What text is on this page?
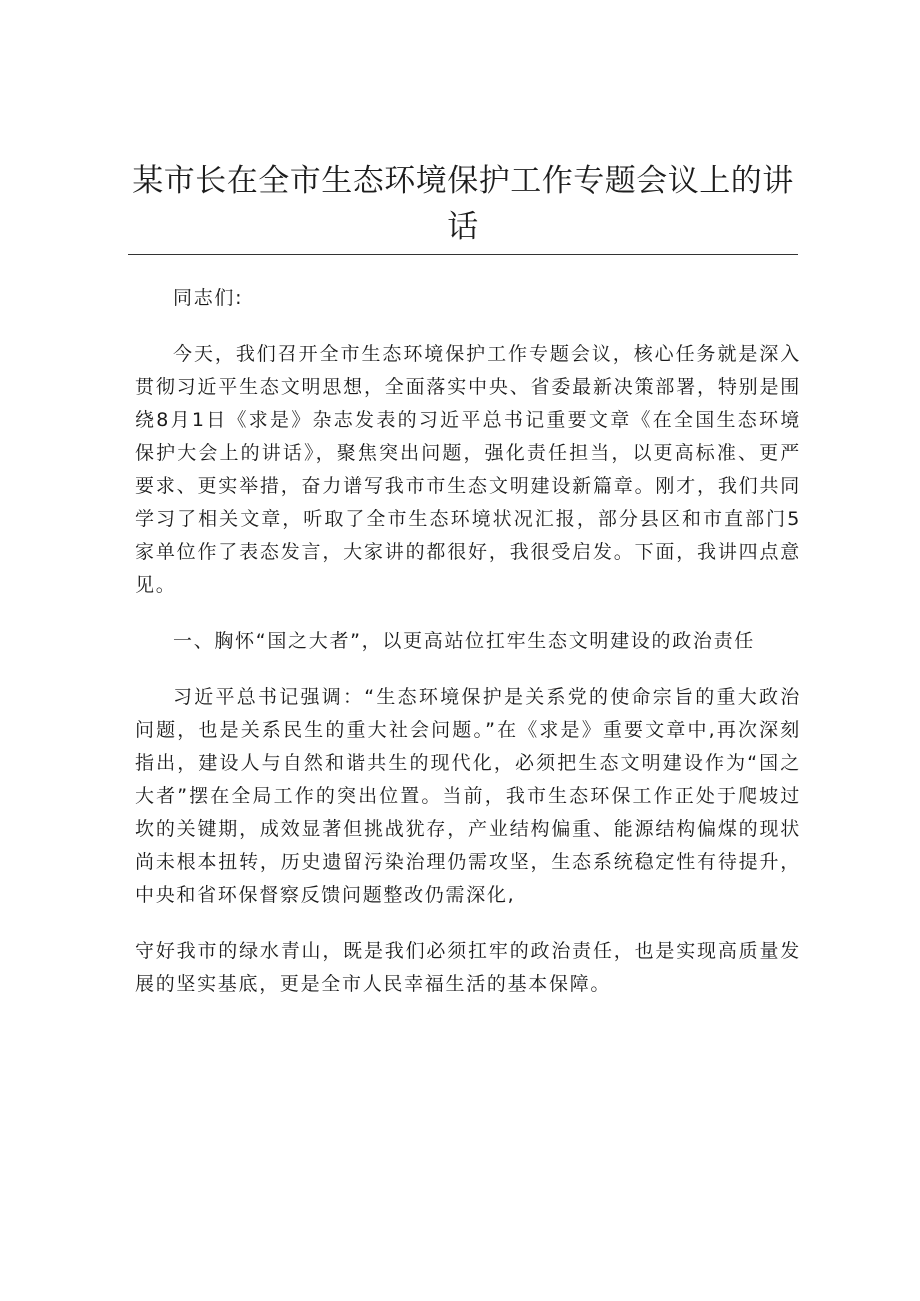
某市长在全市生态环境保护工作专题会议上的讲话

同志们:

今天，我们召开全市生态环境保护工作专题会议，核心任务就是深入贯彻习近平生态文明思想，全面落实中央、省委最新决策部署，特别是围绕8月1日《求是》杂志发表的习近平总书记重要文章《在全国生态环境保护大会上的讲话》，聚焦突出问题，强化责任担当，以更高标准、更严要求、更实举措，奋力谱写我市市生态文明建设新篇章。刚才，我们共同学习了相关文章，听取了全市生态环境状况汇报，部分县区和市直部门5家单位作了表态发言，大家讲的都很好，我很受启发。下面，我讲四点意见。

一、胸怀“国之大者”，以更高站位扛牢生态文明建设的政治责任

习近平总书记强调：“生态环境保护是关系党的使命宗旨的重大政治问题，也是关系民生的重大社会问题。”在《求是》重要文章中,再次深刻指出，建设人与自然和谐共生的现代化，必须把生态文明建设作为“国之大者”摆在全局工作的突出位置。当前，我市生态环保工作正处于爬坡过坎的关键期，成效显著但挑战犹存，产业结构偏重、能源结构偏煤的现状尚未根本扭转，历史遗留污染治理仍需攻坚，生态系统稳定性有待提升，中央和省环保督察反馈问题整改仍需深化,

守好我市的绿水青山，既是我们必须扛牢的政治责任，也是实现高质量发展的坚实基底，更是全市人民幸福生活的基本保障。
